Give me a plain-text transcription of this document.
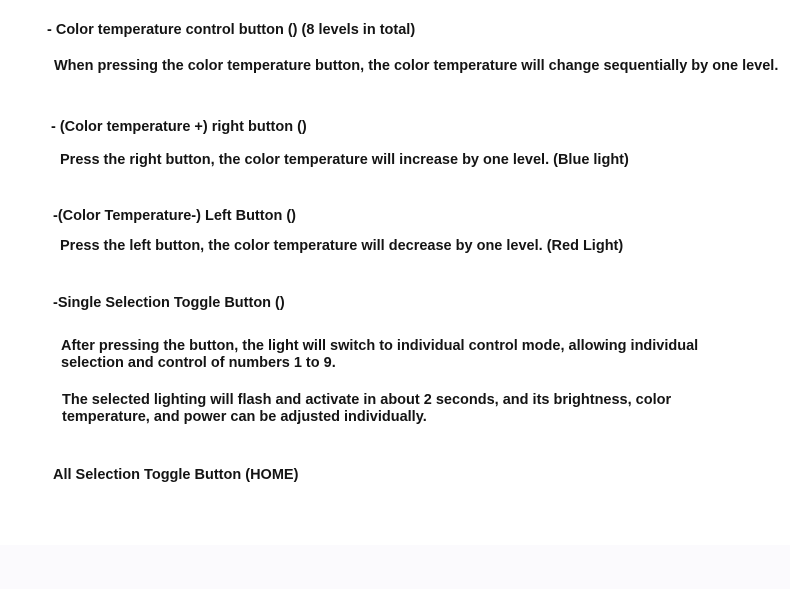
- Color temperature control button () (8 levels in total)
When pressing the color temperature button, the color temperature will change sequentially by one level.
- (Color temperature +) right button ()
Press the right button, the color temperature will increase by one level. (Blue light)
-(Color Temperature-) Left Button ()
Press the left button, the color temperature will decrease by one level. (Red Light)
-Single Selection Toggle Button ()
After pressing the button, the light will switch to individual control mode, allowing individual
selection and control of numbers 1 to 9.
The selected lighting will flash and activate in about 2 seconds, and its brightness, color
temperature, and power can be adjusted individually.
All Selection Toggle Button (HOME)
